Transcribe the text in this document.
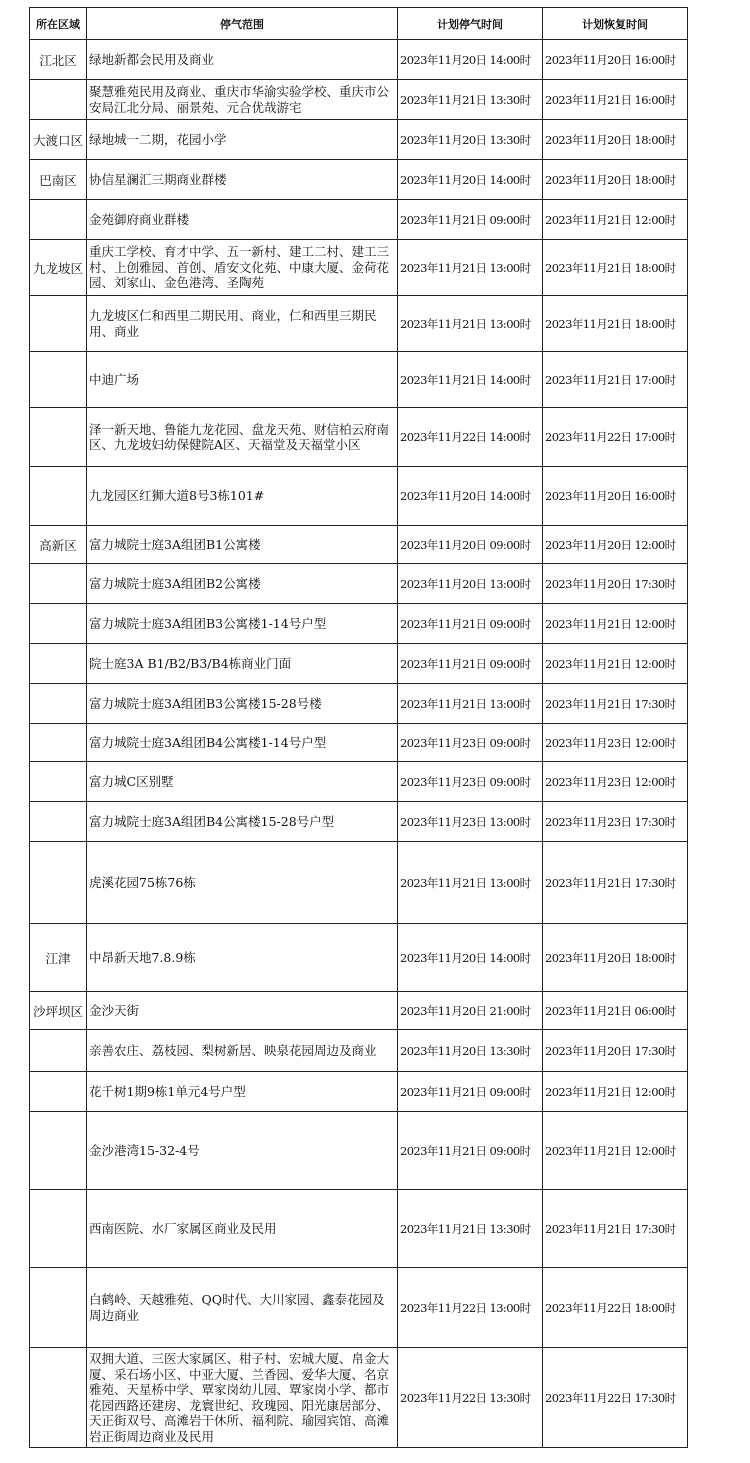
所在区域	停气范围	计划停气时间	计划恢复时间
江北区	绿地新都会民用及商业	2023年11月20日 14:00时	2023年11月20日 16:00时
	聚慧雅苑民用及商业、重庆市华渝实验学校、重庆市公安局江北分局、丽景苑、元合优哉游宅	2023年11月21日 13:30时	2023年11月21日 16:00时
大渡口区	绿地城一二期，花园小学	2023年11月20日 13:30时	2023年11月20日 18:00时
巴南区	协信星澜汇三期商业群楼	2023年11月20日 14:00时	2023年11月20日 18:00时
	金苑御府商业群楼	2023年11月21日 09:00时	2023年11月21日 12:00时
九龙坡区	重庆工学校、育才中学、五一新村、建工二村、建工三村、上创雅园、首创、盾安文化苑、中康大厦、金荷花园、刘家山、金色港湾、圣陶苑	2023年11月21日 13:00时	2023年11月21日 18:00时
	九龙坡区仁和西里二期民用、商业，仁和西里三期民用、商业	2023年11月21日 13:00时	2023年11月21日 18:00时
	中迪广场	2023年11月21日 14:00时	2023年11月21日 17:00时
	泽一新天地、鲁能九龙花园、盘龙天苑、财信柏云府南区、九龙坡妇幼保健院A区、天福堂及天福堂小区	2023年11月22日 14:00时	2023年11月22日 17:00时
	九龙园区红狮大道8号3栋101#	2023年11月20日 14:00时	2023年11月20日 16:00时
高新区	富力城院士庭3A组团B1公寓楼	2023年11月20日 09:00时	2023年11月20日 12:00时
	富力城院士庭3A组团B2公寓楼	2023年11月20日 13:00时	2023年11月20日 17:30时
	富力城院士庭3A组团B3公寓楼1-14号户型	2023年11月21日 09:00时	2023年11月21日 12:00时
	院士庭3A B1/B2/B3/B4栋商业门面	2023年11月21日 09:00时	2023年11月21日 12:00时
	富力城院士庭3A组团B3公寓楼15-28号楼	2023年11月21日 13:00时	2023年11月21日 17:30时
	富力城院士庭3A组团B4公寓楼1-14号户型	2023年11月23日 09:00时	2023年11月23日 12:00时
	富力城C区别墅	2023年11月23日 09:00时	2023年11月23日 12:00时
	富力城院士庭3A组团B4公寓楼15-28号户型	2023年11月23日 13:00时	2023年11月23日 17:30时
	虎溪花园75栋76栋	2023年11月21日 13:00时	2023年11月21日 17:30时
江津	中昂新天地7.8.9栋	2023年11月20日 14:00时	2023年11月20日 18:00时
沙坪坝区	金沙天街	2023年11月20日 21:00时	2023年11月21日 06:00时
	亲善农庄、荔枝园、梨树新居、映泉花园周边及商业	2023年11月20日 13:30时	2023年11月20日 17:30时
	花千树1期9栋1单元4号户型	2023年11月21日 09:00时	2023年11月21日 12:00时
	金沙港湾15-32-4号	2023年11月21日 09:00时	2023年11月21日 12:00时
	西南医院、水厂家属区商业及民用	2023年11月21日 13:30时	2023年11月21日 17:30时
	白鹤岭、天越雅苑、QQ时代、大川家园、鑫泰花园及周边商业	2023年11月22日 13:00时	2023年11月22日 18:00时
	双拥大道、三医大家属区、柑子村、宏城大厦、帛金大厦、采石场小区、中亚大厦、兰香园、爱华大厦、名京雅苑、天星桥中学、覃家岗幼儿园、覃家岗小学、都市花园西路还建房、龙寰世纪、玫瑰园、阳光康居部分、天正街双号、高滩岩干休所、福利院、瑜园宾馆、高滩岩正街周边商业及民用	2023年11月22日 13:30时	2023年11月22日 17:30时
